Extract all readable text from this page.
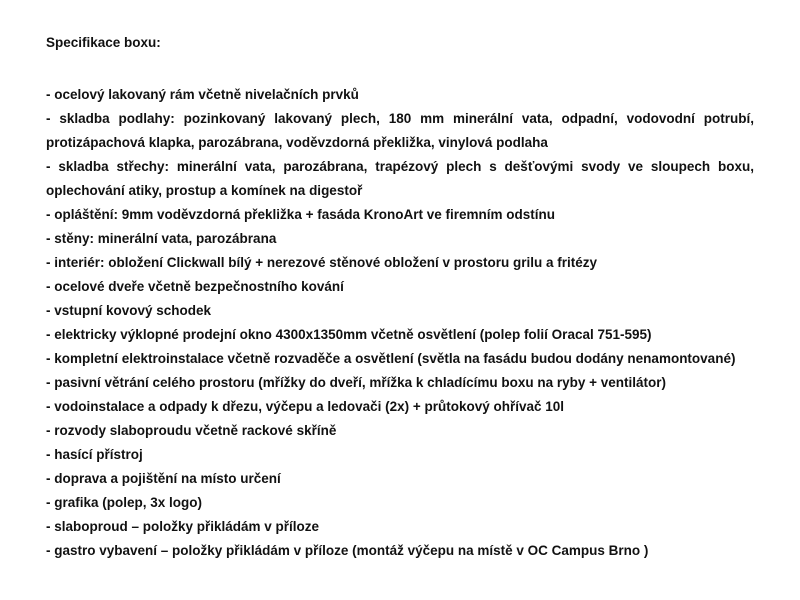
Specifikace boxu:

- ocelový lakovaný rám včetně nivelačních prvků
- skladba podlahy: pozinkovaný lakovaný plech, 180 mm minerální vata, odpadní, vodovodní potrubí, protizápachová klapka, parozábrana, voděvzdorná překližka, vinylová podlaha
- skladba střechy: minerální vata, parozábrana, trapézový plech s dešťovými svody ve sloupech boxu, oplechování atiky, prostup a komínek na digestoř
- opláštění: 9mm voděvzdorná překližka + fasáda KronoArt ve firemním odstínu
- stěny: minerální vata, parozábrana
- interiér: obložení Clickwall bílý + nerezové stěnové obložení v prostoru grilu a fritézy
- ocelové dveře včetně bezpečnostního kování
- vstupní kovový schodek
- elektricky výklopné prodejní okno 4300x1350mm včetně osvětlení (polep folií Oracal 751-595)
- kompletní elektroinstalace včetně rozvaděče a osvětlení (světla na fasádu budou dodány nenamontované)
- pasivní větrání celého prostoru (mřížky do dveří, mřížka k chladícímu boxu na ryby + ventilátor)
- vodoinstalace a odpady k dřezu, výčepu a ledovači (2x) + průtokový ohřívač 10l
- rozvody slaboproudu včetně rackové skříně
- hasící přístroj
- doprava a pojištění na místo určení
- grafika (polep, 3x logo)
- slaboproud – položky přikládám v příloze
- gastro vybavení – položky přikládám v příloze (montáž výčepu na místě v OC Campus Brno )
